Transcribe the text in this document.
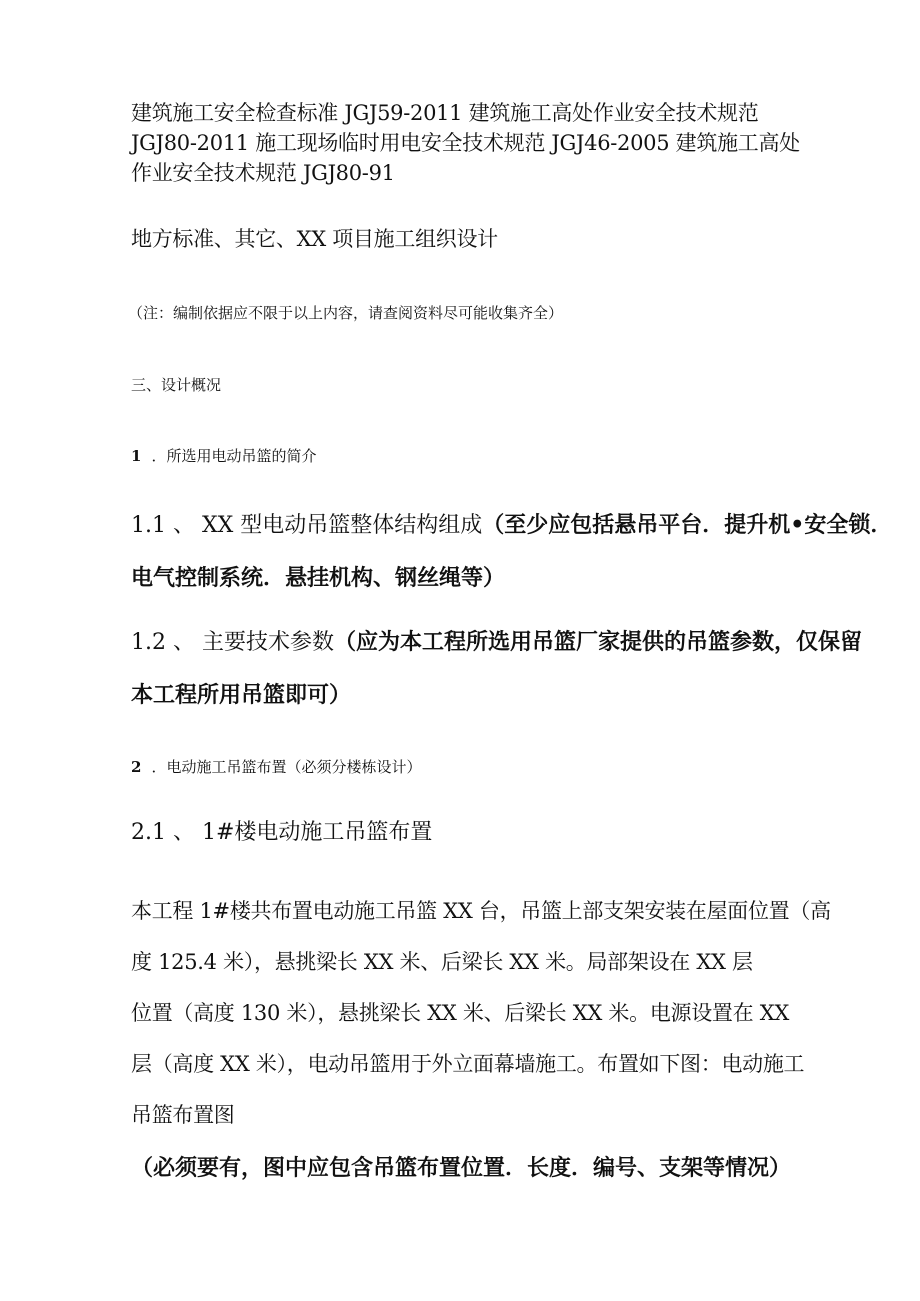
建筑施工安全检查标准 JGJ59-2011 建筑施工高处作业安全技术规范
JGJ80-2011 施工现场临时用电安全技术规范 JGJ46-2005 建筑施工高处
作业安全技术规范 JGJ80-91

地方标准、其它、XX 项目施工组织设计

（注：编制依据应不限于以上内容，请查阅资料尽可能收集齐全）

三、设计概况

1 ．所选用电动吊篮的简介

1.1 、 XX 型电动吊篮整体结构组成（至少应包括悬吊平台．提升机•安全锁．
电气控制系统．悬挂机构、钢丝绳等）
1.2 、 主要技术参数（应为本工程所选用吊篮厂家提供的吊篮参数，仅保留
本工程所用吊篮即可）

2 ．电动施工吊篮布置（必须分楼栋设计）

2.1 、 1#楼电动施工吊篮布置

本工程 1#楼共布置电动施工吊篮 XX 台，吊篮上部支架安装在屋面位置（高
度 125.4 米），悬挑梁长 XX 米、后梁长 XX 米。局部架设在 XX 层
位置（高度 130 米），悬挑梁长 XX 米、后梁长 XX 米。电源设置在 XX
层（高度 XX 米），电动吊篮用于外立面幕墙施工。布置如下图：电动施工
吊篮布置图

（必须要有，图中应包含吊篮布置位置．长度．编号、支架等情况）
